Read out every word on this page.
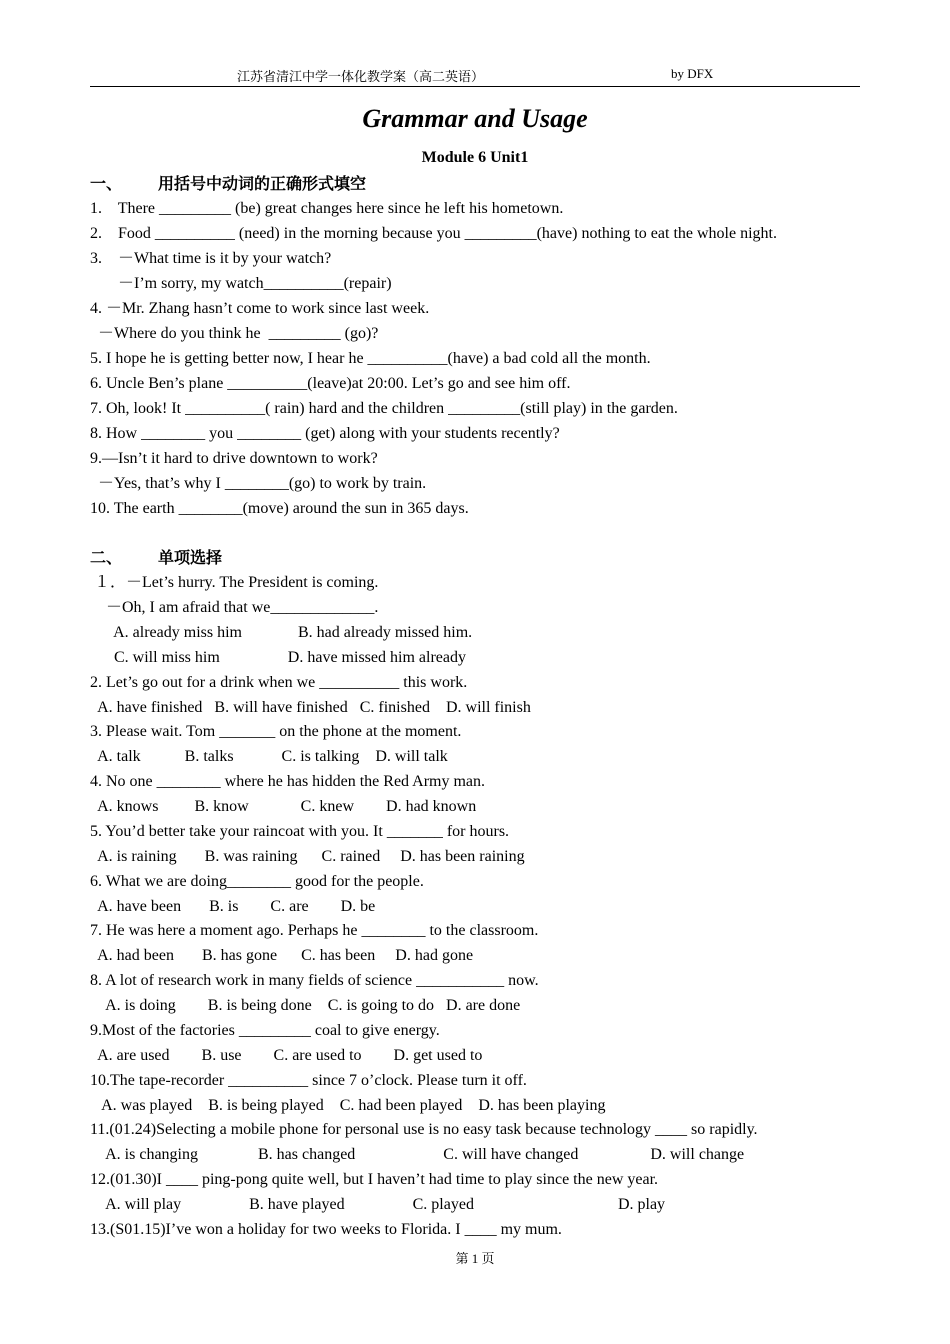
江苏省清江中学一体化教学案（高二英语）	by DFX
Grammar and Usage
Module 6 Unit1
一、 用括号中动词的正确形式填空
1.    There _________ (be) great changes here since he left his hometown.
2.    Food __________ (need) in the morning because you _________(have) nothing to eat the whole night.
3.    －What time is it by your watch?
－I’m sorry, my watch__________(repair)
4. －Mr. Zhang hasn’t come to work since last week.
－Where do you think he  _________ (go)?
5. I hope he is getting better now, I hear he __________(have) a bad cold all the month.
6. Uncle Ben’s plane __________(leave)at 20:00. Let’s go and see him off.
7. Oh, look! It __________( rain) hard and the children _________(still play) in the garden.
8. How ________ you ________ (get) along with your students recently?
9.—Isn’t it hard to drive downtown to work?
－Yes, that’s why I ________(go) to work by train.
10. The earth ________(move) around the sun in 365 days.
二、 单项选择
１．－Let’s hurry. The President is coming.
－Oh, I am afraid that we_____________.
A. already miss him              B. had already missed him.
C. will miss him                 D. have missed him already
2. Let’s go out for a drink when we __________ this work.
A. have finished   B. will have finished   C. finished    D. will finish
3. Please wait. Tom _______ on the phone at the moment.
A. talk           B. talks            C. is talking    D. will talk
4. No one ________ where he has hidden the Red Army man.
A. knows         B. know             C. knew        D. had known
5. You’d better take your raincoat with you. It _______ for hours.
A. is raining       B. was raining      C. rained     D. has been raining
6. What we are doing________ good for the people.
A. have been       B. is        C. are        D. be
7. He was here a moment ago. Perhaps he ________ to the classroom.
A. had been       B. has gone      C. has been     D. had gone
8. A lot of research work in many fields of science ___________ now.
A. is doing        B. is being done    C. is going to do   D. are done
9.Most of the factories _________ coal to give energy.
A. are used        B. use        C. are used to        D. get used to
10.The tape-recorder __________ since 7 o’clock. Please turn it off.
A. was played    B. is being played    C. had been played    D. has been playing
11.(01.24)Selecting a mobile phone for personal use is no easy task because technology ____ so rapidly.
A. is changing               B. has changed                      C. will have changed                  D. will change
12.(01.30)I ____ ping-pong quite well, but I haven’t had time to play since the new year.
A. will play                 B. have played                 C. played                                    D. play
13.(S01.15)I’ve won a holiday for two weeks to Florida. I ____ my mum.
第 1 页
